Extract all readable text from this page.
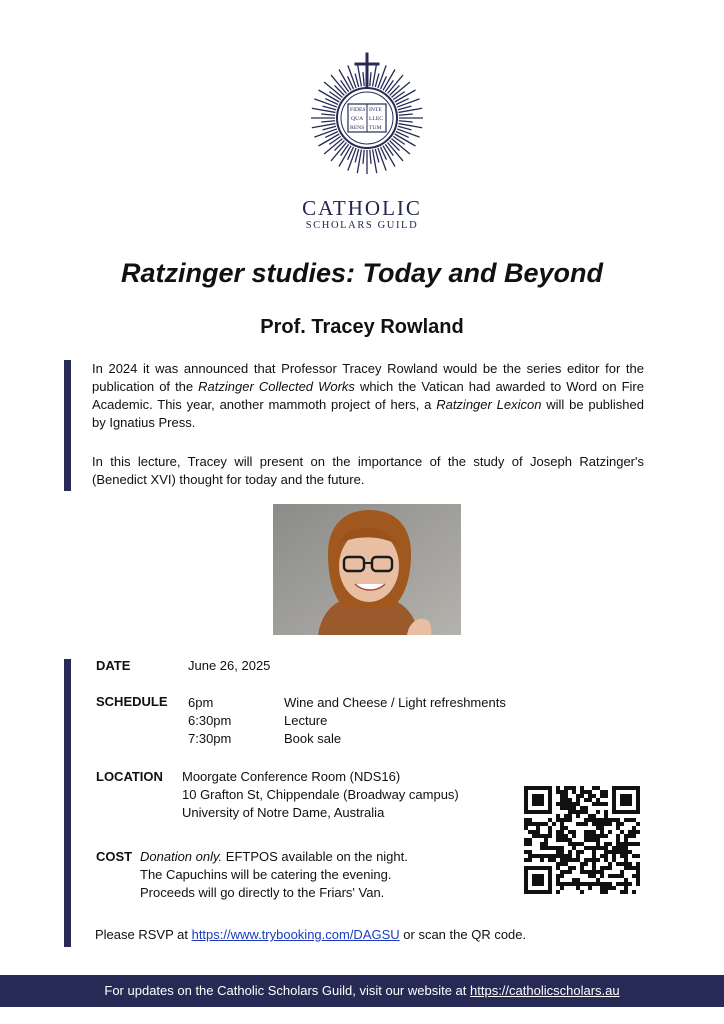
FIDES INTE
QUA LLEC
RENS TUM
CATHOLIC
SCHOLARS GUILD
Ratzinger studies: Today and Beyond
Prof. Tracey Rowland
In 2024 it was announced that Professor Tracey Rowland would be the series editor for the publication of the Ratzinger Collected Works which the Vatican had awarded to Word on Fire Academic. This year, another mammoth project of hers, a Ratzinger Lexicon will be published by Ignatius Press.
In this lecture, Tracey will present on the importance of the study of Joseph Ratzinger's (Benedict XVI) thought for today and the future.
DATE	June 26, 2025
SCHEDULE 6pm	Wine and Cheese / Light refreshments
6:30pm	Lecture
7:30pm	Book sale
LOCATION Moorgate Conference Room (NDS16)
10 Grafton St, Chippendale (Broadway campus)
University of Notre Dame, Australia
COST Donation only. EFTPOS available on the night.
The Capuchins will be catering the evening.
Proceeds will go directly to the Friars' Van.
Please RSVP at https://www.trybooking.com/DAGSU or scan the QR code.
For updates on the Catholic Scholars Guild, visit our website at https://catholicscholars.au
